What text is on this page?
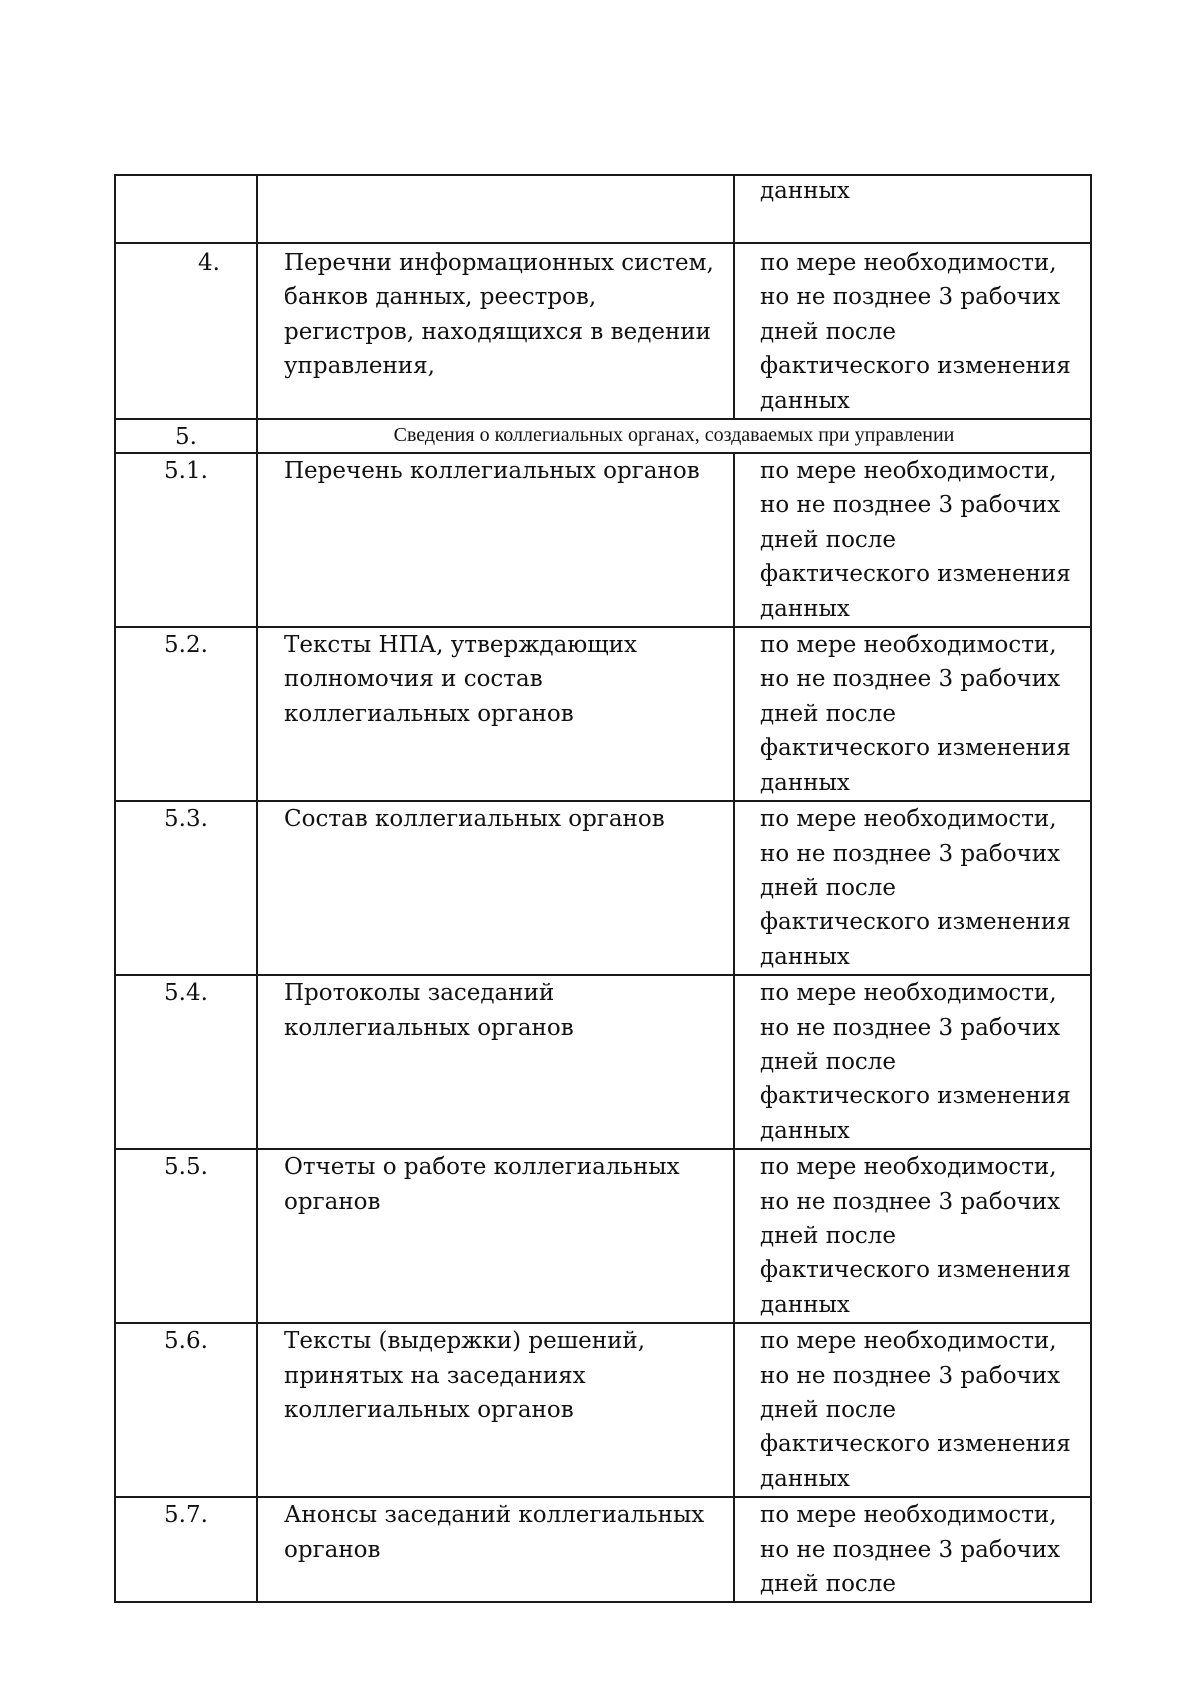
		данных

4.	Перечни информационных систем,
банков данных, реестров,
регистров, находящихся в ведении
управления,	по мере необходимости,
но не позднее 3 рабочих
дней после
фактического изменения
данных

5.	Сведения о коллегиальных органах, создаваемых при управлении	

5.1.	Перечень коллегиальных органов	по мере необходимости,
но не позднее 3 рабочих
дней после
фактического изменения
данных

5.2.	Тексты НПА, утверждающих
полномочия и состав
коллегиальных органов	по мере необходимости,
но не позднее 3 рабочих
дней после
фактического изменения
данных

5.3.	Состав коллегиальных органов	по мере необходимости,
но не позднее 3 рабочих
дней после
фактического изменения
данных

5.4.	Протоколы заседаний
коллегиальных органов	по мере необходимости,
но не позднее 3 рабочих
дней после
фактического изменения
данных

5.5.	Отчеты о работе коллегиальных
органов	по мере необходимости,
но не позднее 3 рабочих
дней после
фактического изменения
данных

5.6.	Тексты (выдержки) решений,
принятых на заседаниях
коллегиальных органов	по мере необходимости,
но не позднее 3 рабочих
дней после
фактического изменения
данных

5.7.	Анонсы заседаний коллегиальных
органов	по мере необходимости,
но не позднее 3 рабочих
дней после
